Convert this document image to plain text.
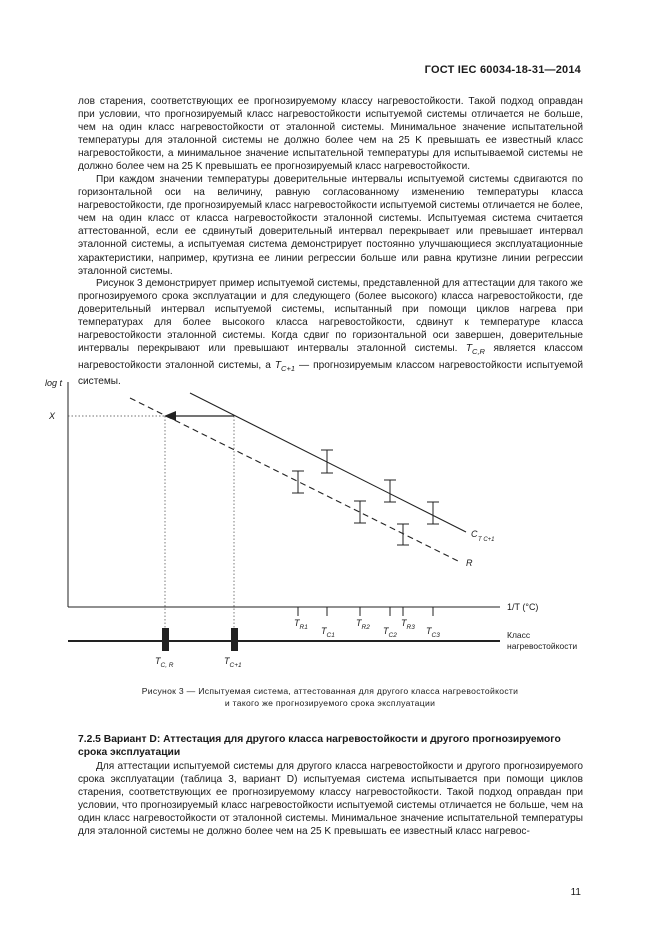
ГОСТ IEC 60034-18-31—2014

лов старения, соответствующих ее прогнозируемому классу нагревостойкости. Такой подход оправдан при условии, что прогнозируемый класс нагревостойкости испытуемой системы отличается не больше, чем на один класс нагревостойкости от эталонной системы. Минимальное значение испытательной температуры для эталонной системы не должно более чем на 25 K превышать ее известный класс нагревостойкости, а минимальное значение испытательной температуры для испытываемой системы не должно более чем на 25 K превышать ее прогнозируемый класс нагревостойкости.

При каждом значении температуры доверительные интервалы испытуемой системы сдвигаются по горизонтальной оси на величину, равную согласованному изменению температуры класса нагревостойкости, где прогнозируемый класс нагревостойкости испытуемой системы отличается не более, чем на один класс от класса нагревостойкости эталонной системы. Испытуемая система считается аттестованной, если ее сдвинутый доверительный интервал перекрывает или превышает интервал эталонной системы, а испытуемая система демонстрирует постоянно улучшающиеся эксплуатационные характеристики, например, крутизна ее линии регрессии больше или равна крутизне линии регрессии эталонной системы.

Рисунок 3 демонстрирует пример испытуемой системы, представленной для аттестации для такого же прогнозируемого срока эксплуатации и для следующего (более высокого) класса нагревостойкости, где доверительный интервал испытуемой системы, испытанный при помощи циклов нагрева при температурах для более высокого класса нагревостойкости, сдвинут к температуре класса нагревостойкости эталонной системы. Когда сдвиг по горизонтальной оси завершен, доверительные интервалы перекрывают или превышают интервалы эталонной системы. $T_{C,R}$ является классом нагревостойкости эталонной системы, а $T_{C+1}$ — прогнозируемым классом нагревостойкости испытуемой системы.

log t
X
1/T (°C)
C
T C+1
R
$T_{R1}$ $T_{C1}$
$T_{R2}$ $T_{C2}$
$T_{R3}$ $T_{C3}$	Класс
нагревостойкости
$T_{C, R}$	$T_{C+1}$
Рисунок 3 — Испытуемая система, аттестованная для другого класса нагревостойкости
и такого же прогнозируемого срока эксплуатации

7.2.5 Вариант D: Аттестация для другого класса нагревостойкости и другого прогнозируемого срока эксплуатации

Для аттестации испытуемой системы для другого класса нагревостойкости и другого прогнозируемого срока эксплуатации (таблица 3, вариант D) испытуемая система испытывается при помощи циклов старения, соответствующих ее прогнозируемому классу нагревостойкости. Такой подход оправдан при условии, что прогнозируемый класс нагревостойкости испытуемой системы отличается не больше, чем на один класс нагревостойкости от эталонной системы. Минимальное значение испытательной температуры для эталонной системы не должно более чем на 25 K превышать ее известный класс нагревос-

11
